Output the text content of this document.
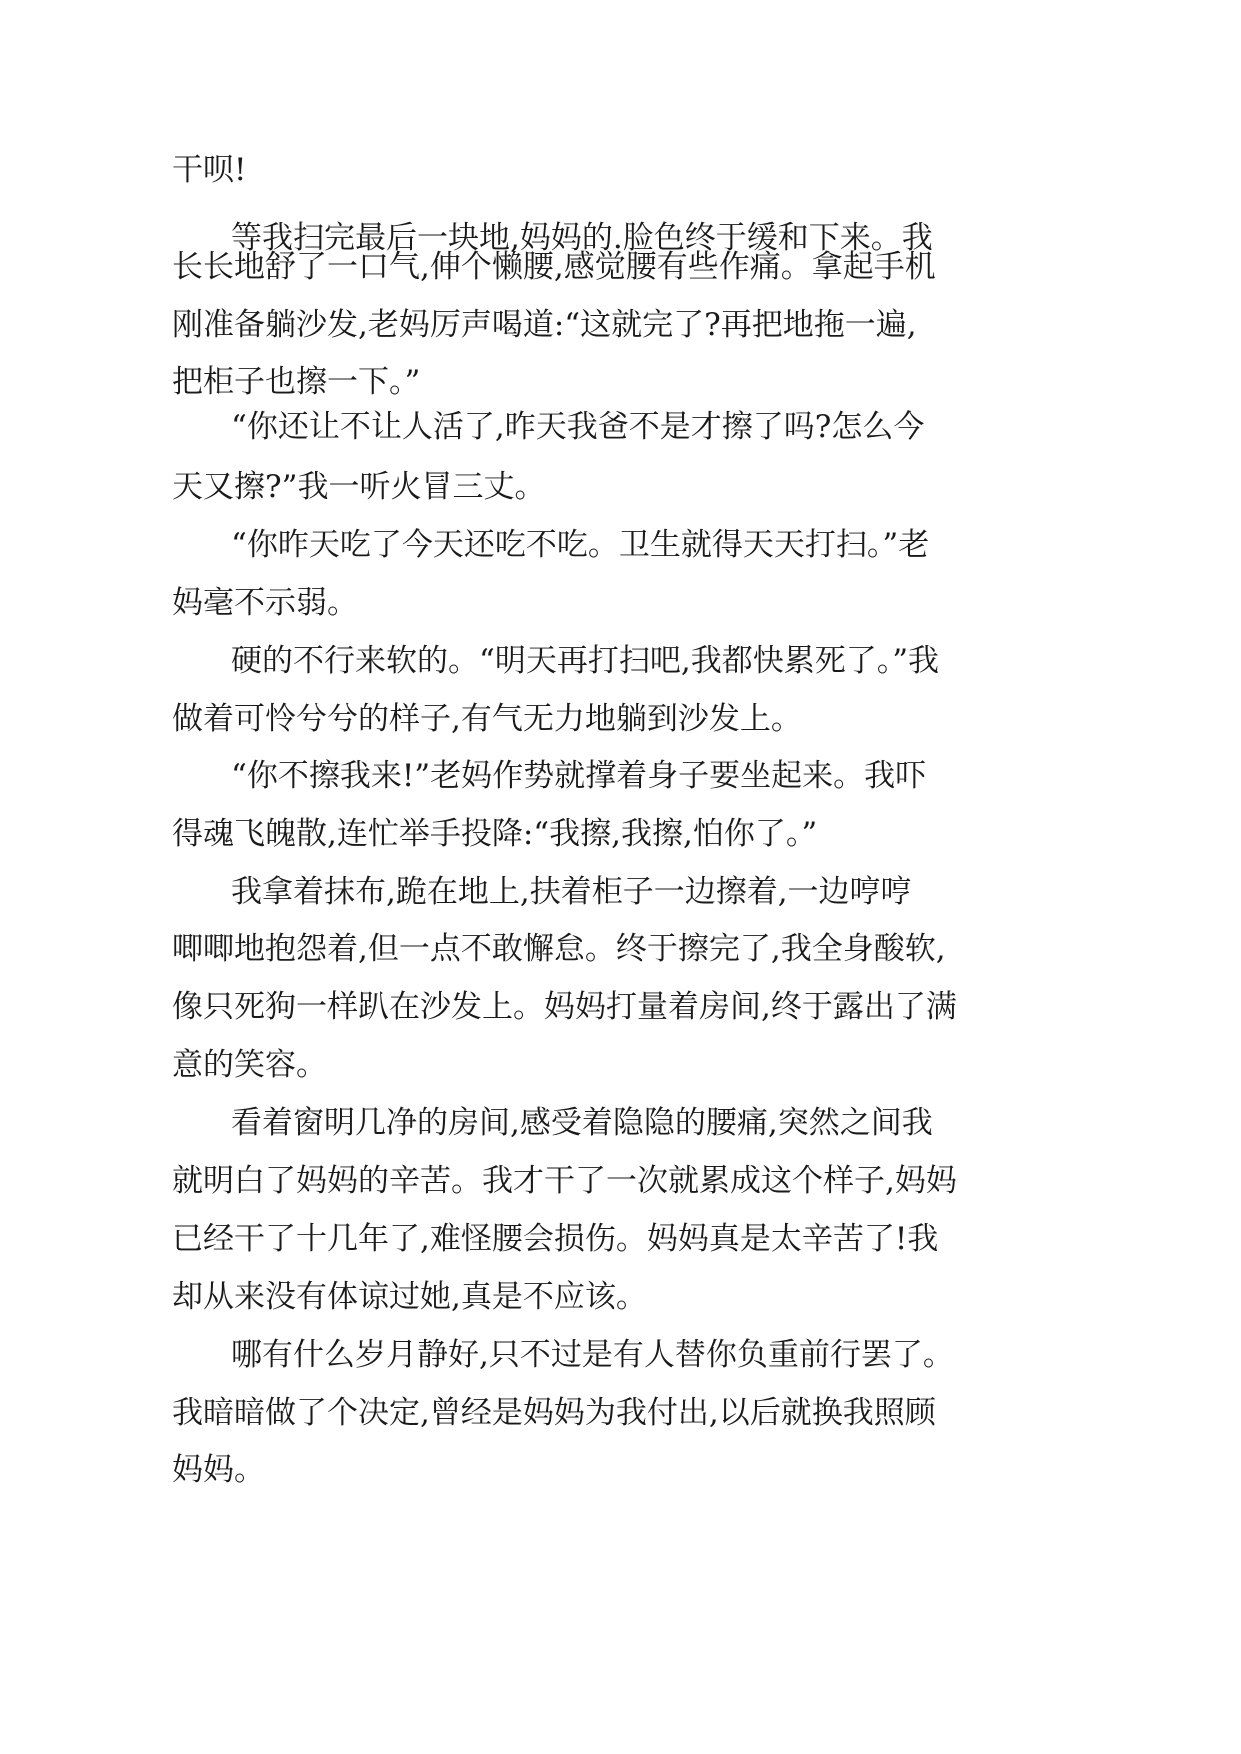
干呗!
等我扫完最后一块地,妈妈的.脸色终于缓和下来。我
长长地舒了一口气,伸个懒腰,感觉腰有些作痛。拿起手机
刚准备躺沙发,老妈厉声喝道:“这就完了?再把地拖一遍,
把柜子也擦一下。”
“你还让不让人活了,昨天我爸不是才擦了吗?怎么今
天又擦?”我一听火冒三丈。
“你昨天吃了今天还吃不吃。卫生就得天天打扫。”老
妈毫不示弱。
硬的不行来软的。“明天再打扫吧,我都快累死了。”我
做着可怜兮兮的样子,有气无力地躺到沙发上。
“你不擦我来!”老妈作势就撑着身子要坐起来。我吓
得魂飞魄散,连忙举手投降:“我擦,我擦,怕你了。”
我拿着抹布,跪在地上,扶着柜子一边擦着,一边哼哼
唧唧地抱怨着,但一点不敢懈怠。终于擦完了,我全身酸软,
像只死狗一样趴在沙发上。妈妈打量着房间,终于露出了满
意的笑容。
看着窗明几净的房间,感受着隐隐的腰痛,突然之间我
就明白了妈妈的辛苦。我才干了一次就累成这个样子,妈妈
已经干了十几年了,难怪腰会损伤。妈妈真是太辛苦了!我
却从来没有体谅过她,真是不应该。
哪有什么岁月静好,只不过是有人替你负重前行罢了。
我暗暗做了个决定,曾经是妈妈为我付出,以后就换我照顾
妈妈。
